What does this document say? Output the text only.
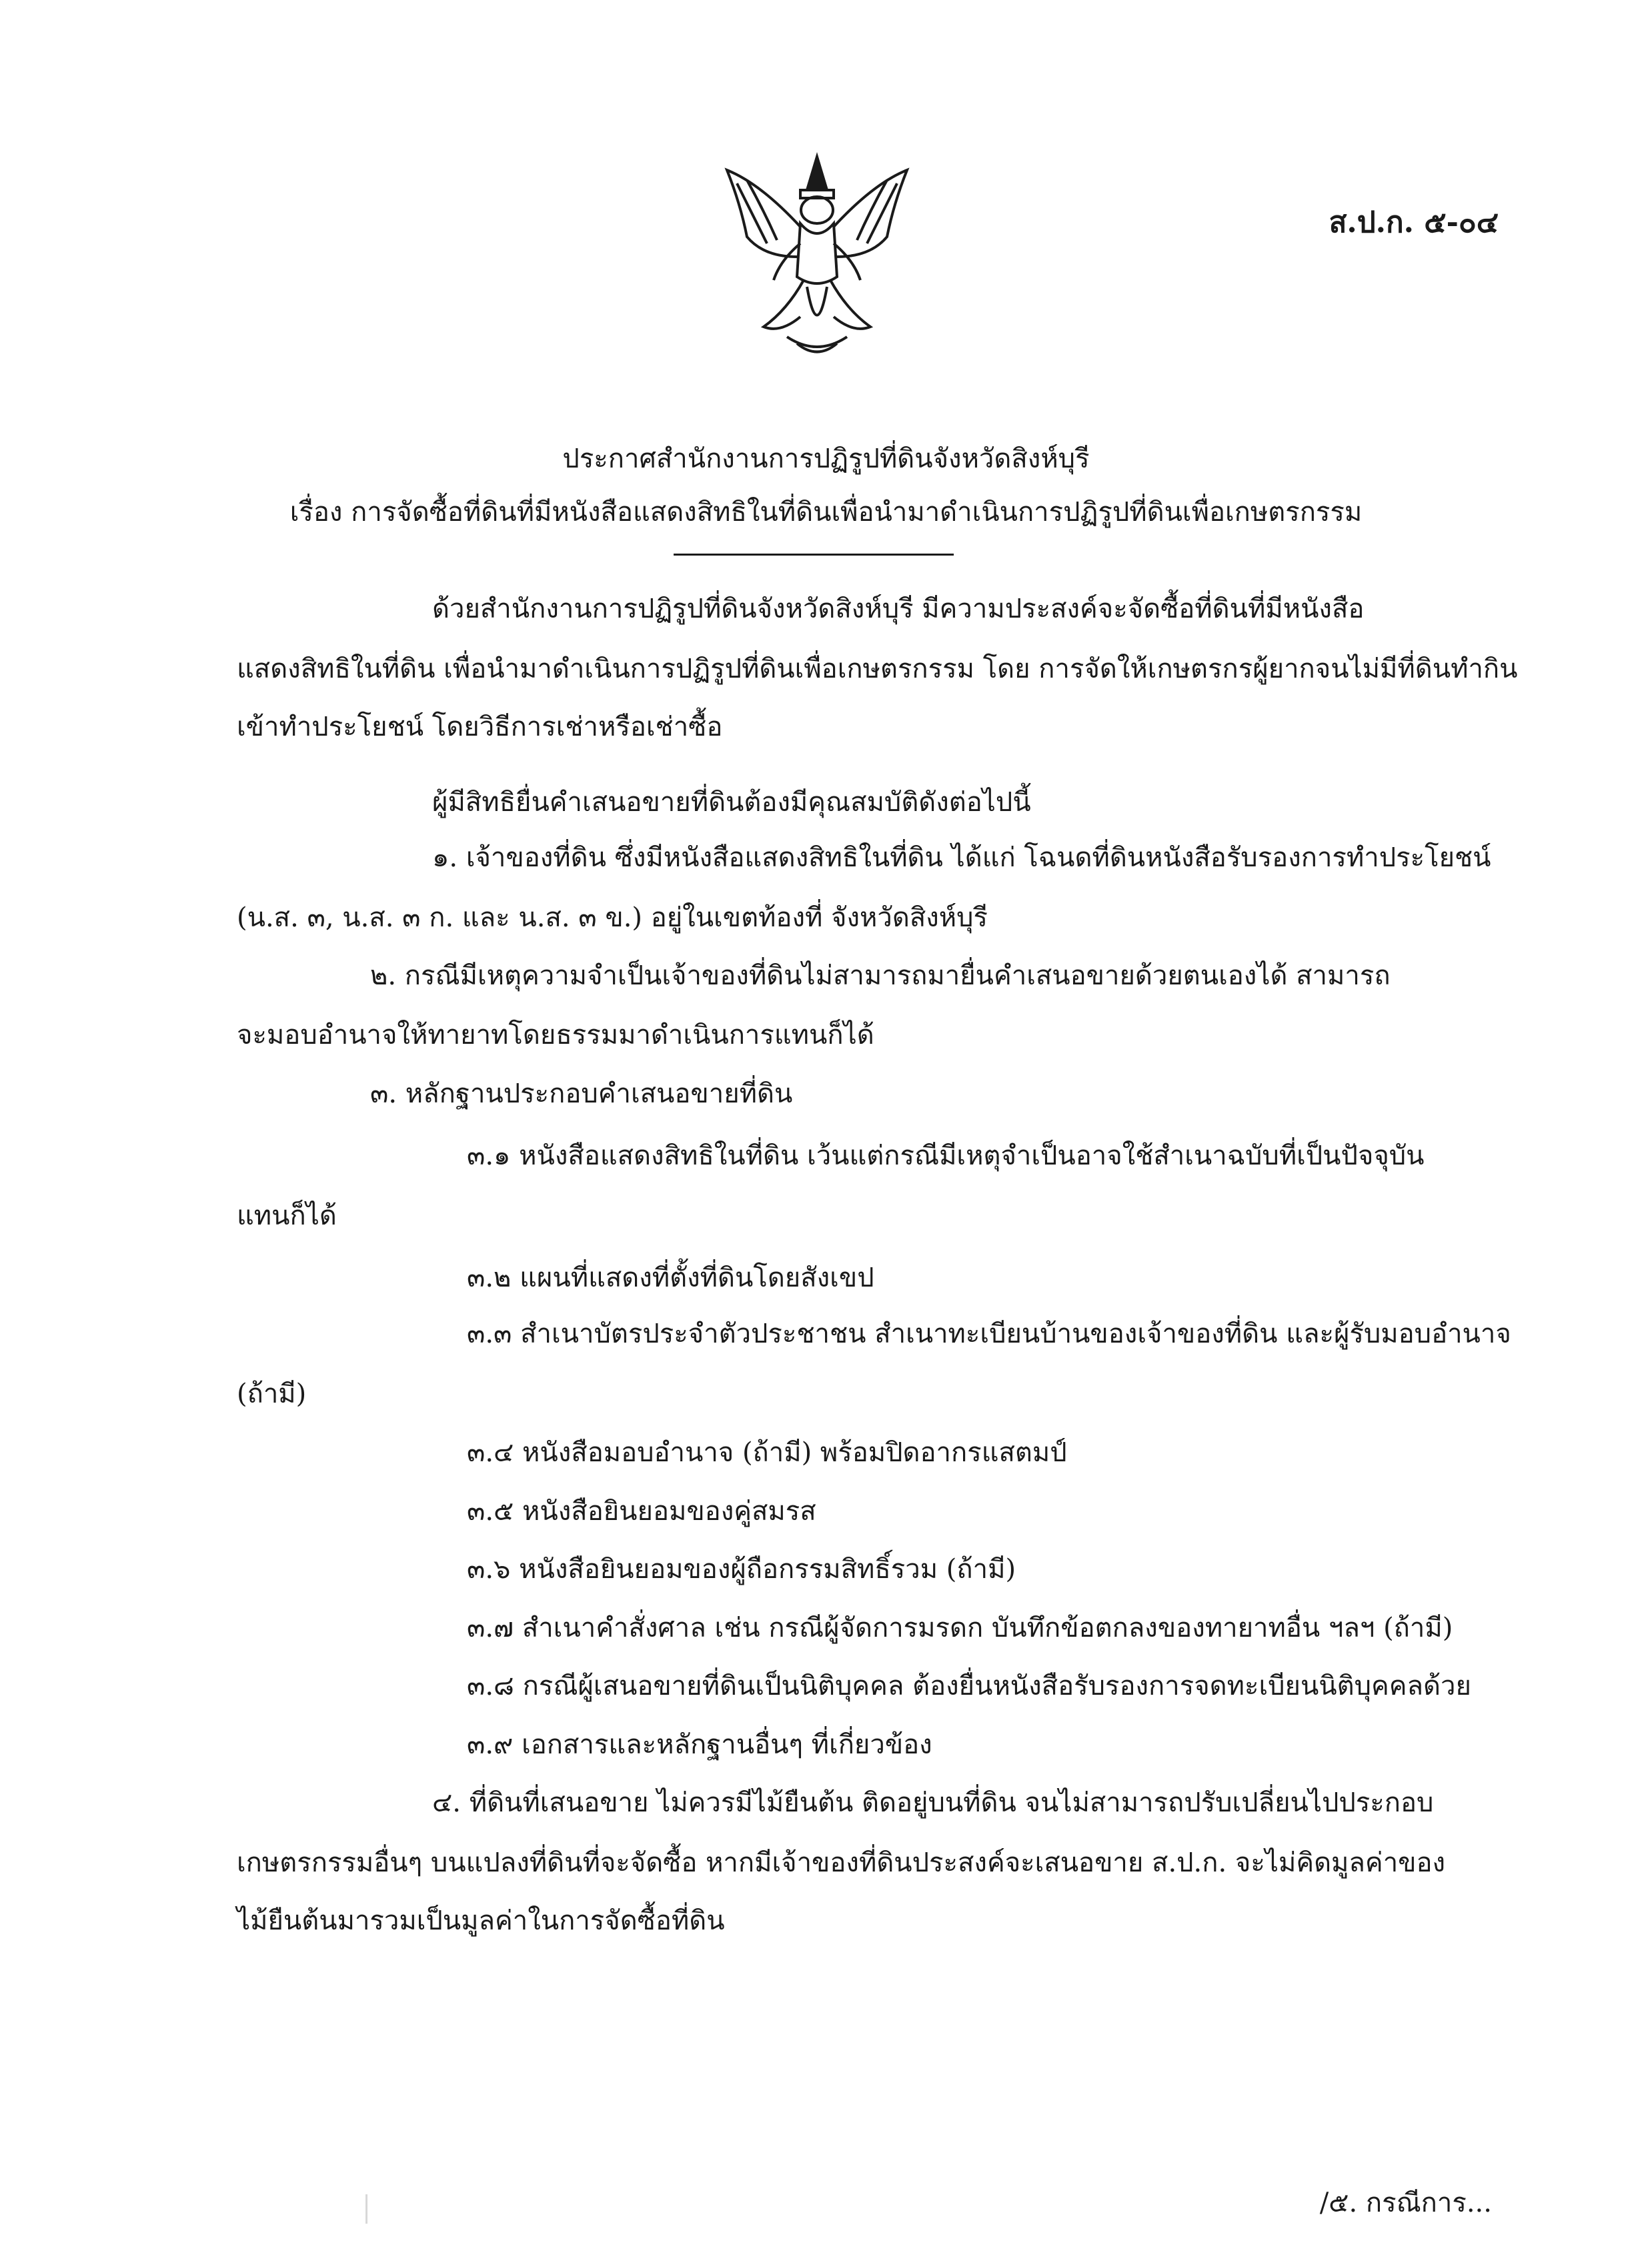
ส.ป.ก. ๕-๐๔
ประกาศสำนักงานการปฏิรูปที่ดินจังหวัดสิงห์บุรี
เรื่อง การจัดซื้อที่ดินที่มีหนังสือแสดงสิทธิในที่ดินเพื่อนำมาดำเนินการปฏิรูปที่ดินเพื่อเกษตรกรรม
ด้วยสำนักงานการปฏิรูปที่ดินจังหวัดสิงห์บุรี มีความประสงค์จะจัดซื้อที่ดินที่มีหนังสือ
แสดงสิทธิในที่ดิน เพื่อนำมาดำเนินการปฏิรูปที่ดินเพื่อเกษตรกรรม โดย การจัดให้เกษตรกรผู้ยากจนไม่มีที่ดินทำกิน
เข้าทำประโยชน์ โดยวิธีการเช่าหรือเช่าซื้อ
ผู้มีสิทธิยื่นคำเสนอขายที่ดินต้องมีคุณสมบัติดังต่อไปนี้
๑. เจ้าของที่ดิน ซึ่งมีหนังสือแสดงสิทธิในที่ดิน ได้แก่ โฉนดที่ดินหนังสือรับรองการทำประโยชน์
(น.ส. ๓, น.ส. ๓ ก. และ น.ส. ๓ ข.) อยู่ในเขตท้องที่ จังหวัดสิงห์บุรี
๒. กรณีมีเหตุความจำเป็นเจ้าของที่ดินไม่สามารถมายื่นคำเสนอขายด้วยตนเองได้ สามารถ
จะมอบอำนาจให้ทายาทโดยธรรมมาดำเนินการแทนก็ได้
๓. หลักฐานประกอบคำเสนอขายที่ดิน
๓.๑ หนังสือแสดงสิทธิในที่ดิน เว้นแต่กรณีมีเหตุจำเป็นอาจใช้สำเนาฉบับที่เป็นปัจจุบัน
แทนก็ได้
๓.๒ แผนที่แสดงที่ตั้งที่ดินโดยสังเขป
๓.๓ สำเนาบัตรประจำตัวประชาชน สำเนาทะเบียนบ้านของเจ้าของที่ดิน และผู้รับมอบอำนาจ
(ถ้ามี)
๓.๔ หนังสือมอบอำนาจ (ถ้ามี) พร้อมปิดอากรแสตมป์
๓.๕ หนังสือยินยอมของคู่สมรส
๓.๖ หนังสือยินยอมของผู้ถือกรรมสิทธิ์รวม (ถ้ามี)
๓.๗ สำเนาคำสั่งศาล เช่น กรณีผู้จัดการมรดก บันทึกข้อตกลงของทายาทอื่น ฯลฯ (ถ้ามี)
๓.๘ กรณีผู้เสนอขายที่ดินเป็นนิติบุคคล ต้องยื่นหนังสือรับรองการจดทะเบียนนิติบุคคลด้วย
๓.๙ เอกสารและหลักฐานอื่นๆ ที่เกี่ยวข้อง
๔. ที่ดินที่เสนอขาย ไม่ควรมีไม้ยืนต้น ติดอยู่บนที่ดิน จนไม่สามารถปรับเปลี่ยนไปประกอบ
เกษตรกรรมอื่นๆ บนแปลงที่ดินที่จะจัดซื้อ หากมีเจ้าของที่ดินประสงค์จะเสนอขาย ส.ป.ก. จะไม่คิดมูลค่าของ
ไม้ยืนต้นมารวมเป็นมูลค่าในการจัดซื้อที่ดิน
/๕. กรณีการ...
